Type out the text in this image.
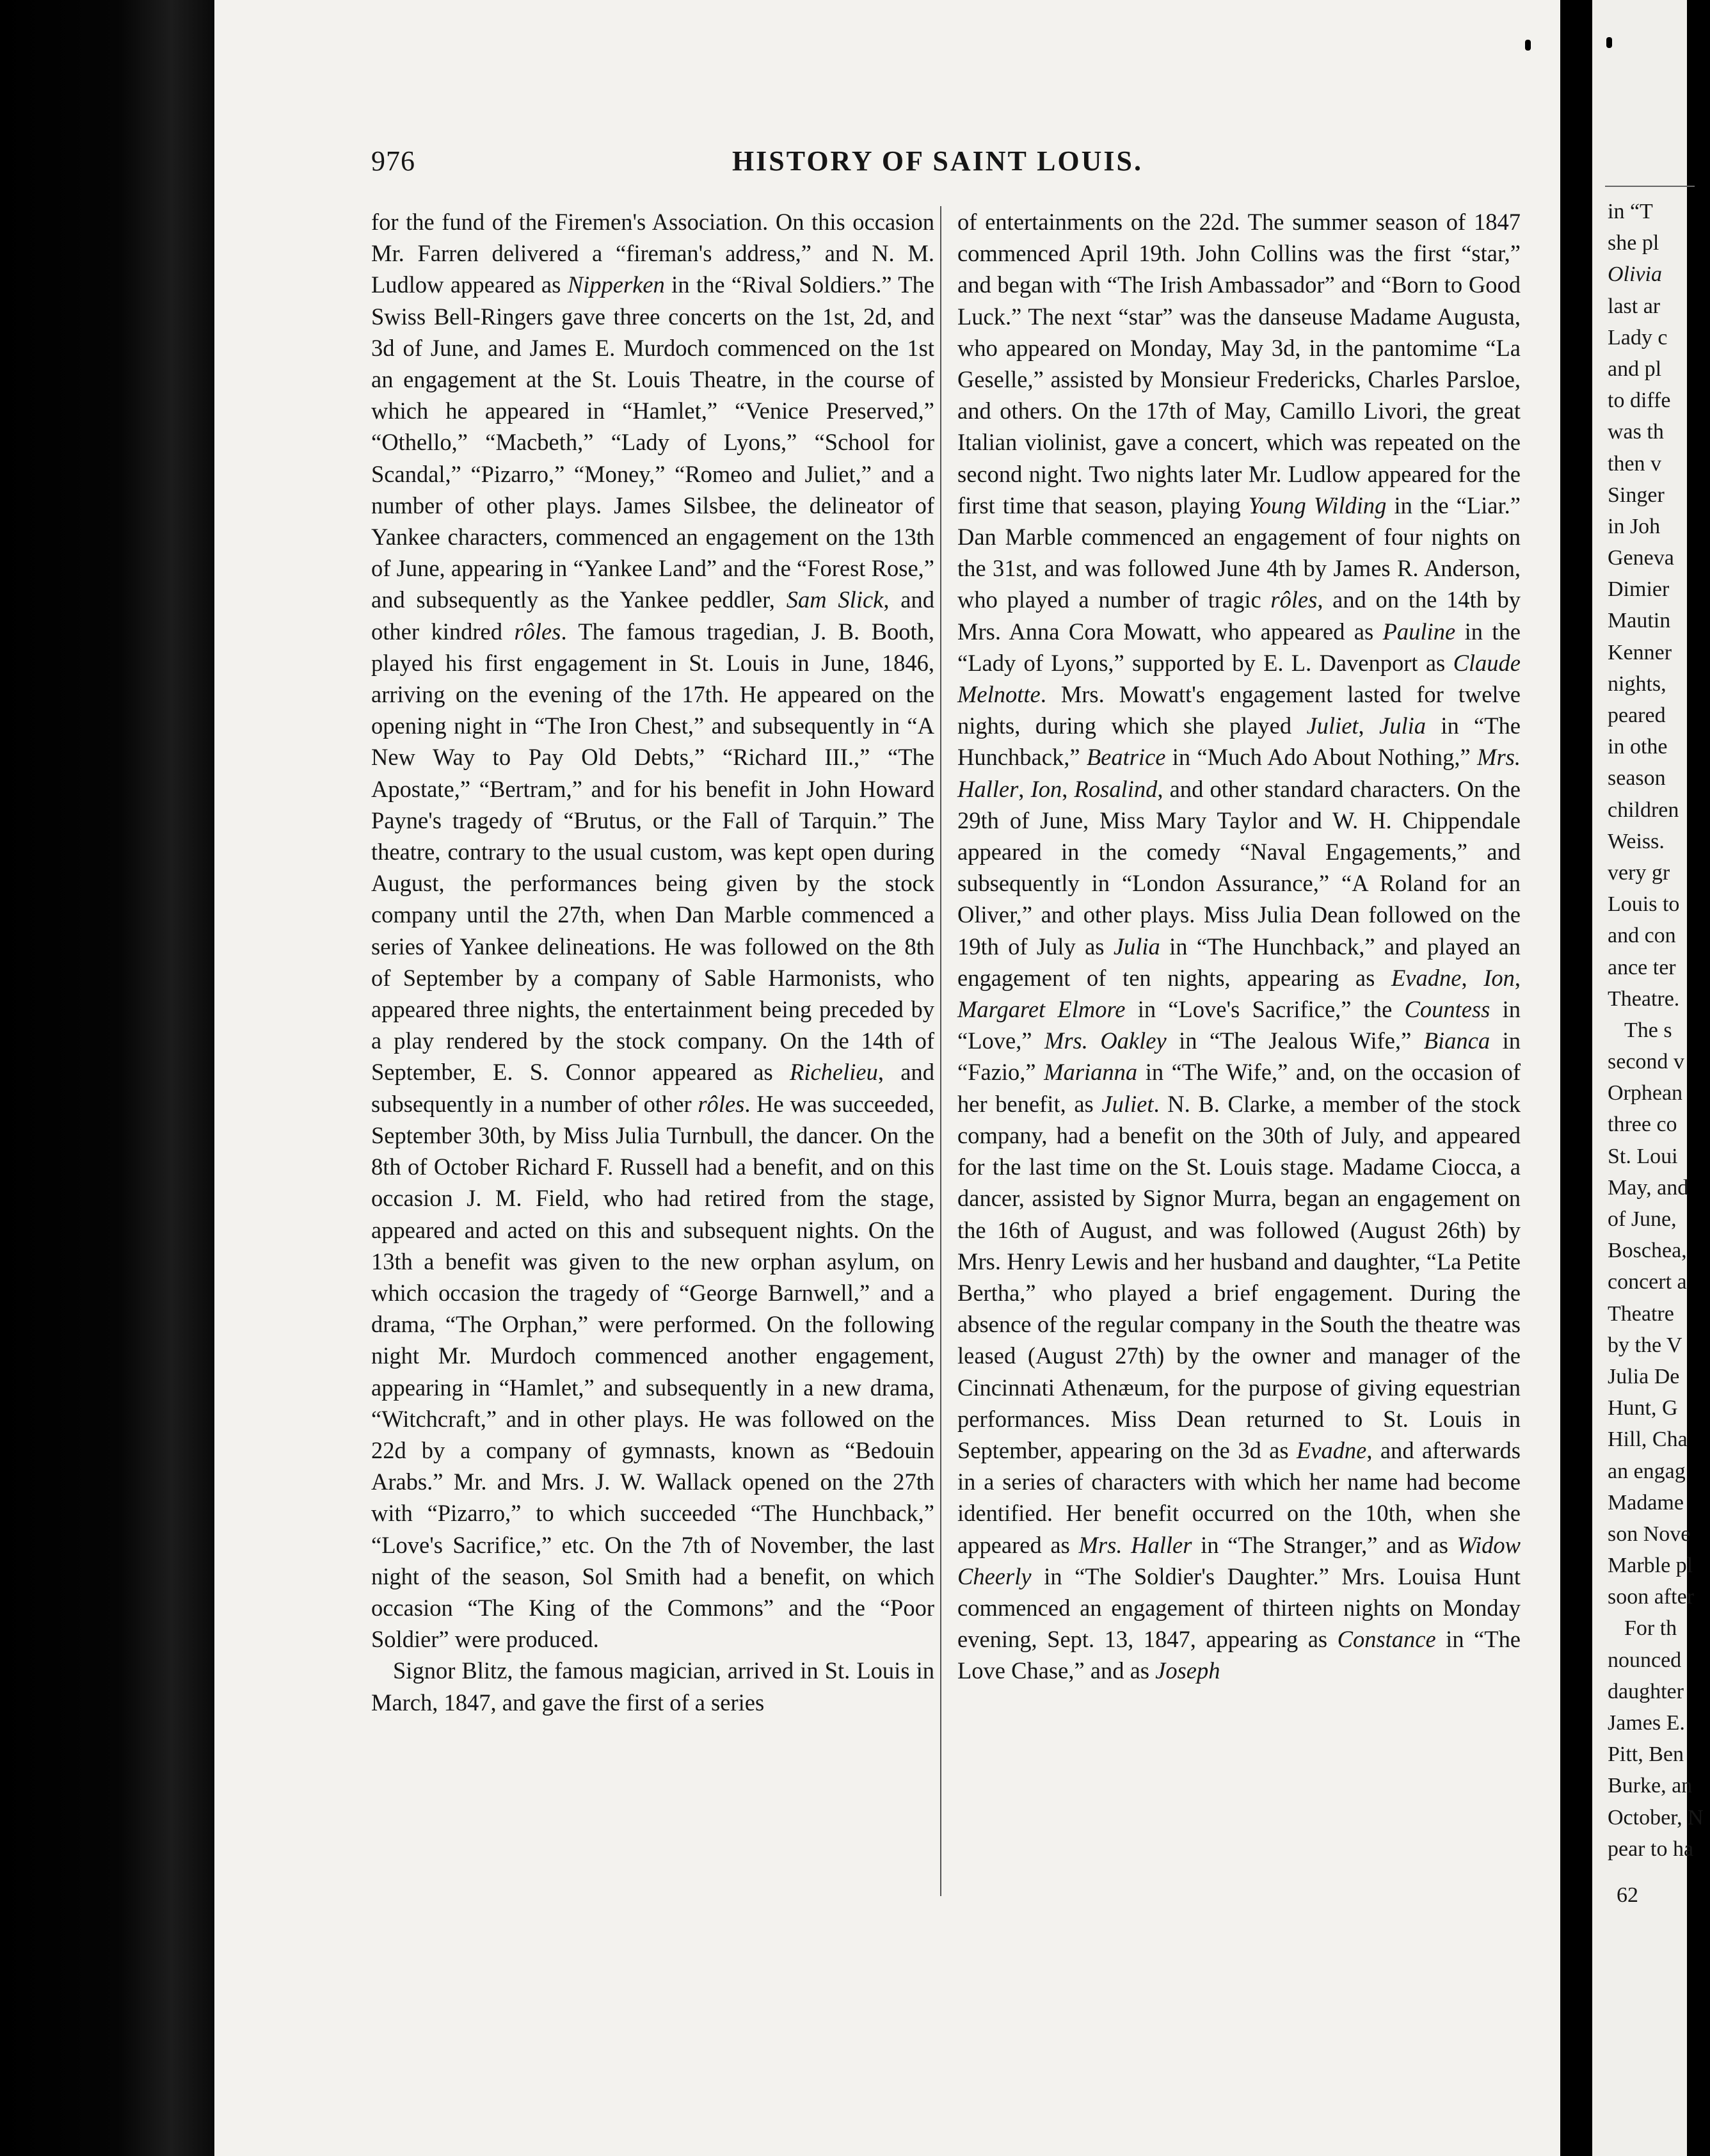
976	HISTORY OF SAINT LOUIS.

for the fund of the Firemen's Association. On this occasion Mr. Farren delivered a “fireman's address,” and N. M. Ludlow appeared as Nipperken in the “Rival Soldiers.” The Swiss Bell-Ringers gave three concerts on the 1st, 2d, and 3d of June, and James E. Murdoch commenced on the 1st an engagement at the St. Louis Theatre, in the course of which he appeared in “Hamlet,” “Venice Preserved,” “Othello,” “Macbeth,” “Lady of Lyons,” “School for Scandal,” “Pizarro,” “Money,” “Romeo and Juliet,” and a number of other plays. James Silsbee, the delineator of Yankee characters, commenced an engagement on the 13th of June, appearing in “Yankee Land” and the “Forest Rose,” and subsequently as the Yankee peddler, Sam Slick, and other kindred rôles. The famous tragedian, J. B. Booth, played his first engagement in St. Louis in June, 1846, arriving on the evening of the 17th. He appeared on the opening night in “The Iron Chest,” and subsequently in “A New Way to Pay Old Debts,” “Richard III.,” “The Apostate,” “Bertram,” and for his benefit in John Howard Payne's tragedy of “Brutus, or the Fall of Tarquin.” The theatre, contrary to the usual custom, was kept open during August, the performances being given by the stock company until the 27th, when Dan Marble commenced a series of Yankee delineations. He was followed on the 8th of September by a company of Sable Harmonists, who appeared three nights, the entertainment being preceded by a play rendered by the stock company. On the 14th of September, E. S. Connor appeared as Richelieu, and subsequently in a number of other rôles. He was succeeded, September 30th, by Miss Julia Turnbull, the dancer. On the 8th of October Richard F. Russell had a benefit, and on this occasion J. M. Field, who had retired from the stage, appeared and acted on this and subsequent nights. On the 13th a benefit was given to the new orphan asylum, on which occasion the tragedy of “George Barnwell,” and a drama, “The Orphan,” were performed. On the following night Mr. Murdoch commenced another engagement, appearing in “Hamlet,” and subsequently in a new drama, “Witchcraft,” and in other plays. He was followed on the 22d by a company of gymnasts, known as “Bedouin Arabs.” Mr. and Mrs. J. W. Wallack opened on the 27th with “Pizarro,” to which succeeded “The Hunchback,” “Love's Sacrifice,” etc. On the 7th of November, the last night of the season, Sol Smith had a benefit, on which occasion “The King of the Commons” and the “Poor Soldier” were produced.

Signor Blitz, the famous magician, arrived in St. Louis in March, 1847, and gave the first of a series

of entertainments on the 22d. The summer season of 1847 commenced April 19th. John Collins was the first “star,” and began with “The Irish Ambassador” and “Born to Good Luck.” The next “star” was the danseuse Madame Augusta, who appeared on Monday, May 3d, in the pantomime “La Geselle,” assisted by Monsieur Fredericks, Charles Parsloe, and others. On the 17th of May, Camillo Livori, the great Italian violinist, gave a concert, which was repeated on the second night. Two nights later Mr. Ludlow appeared for the first time that season, playing Young Wilding in the “Liar.” Dan Marble commenced an engagement of four nights on the 31st, and was followed June 4th by James R. Anderson, who played a number of tragic rôles, and on the 14th by Mrs. Anna Cora Mowatt, who appeared as Pauline in the “Lady of Lyons,” supported by E. L. Davenport as Claude Melnotte. Mrs. Mowatt's engagement lasted for twelve nights, during which she played Juliet, Julia in “The Hunchback,” Beatrice in “Much Ado About Nothing,” Mrs. Haller, Ion, Rosalind, and other standard characters. On the 29th of June, Miss Mary Taylor and W. H. Chippendale appeared in the comedy “Naval Engagements,” and subsequently in “London Assurance,” “A Roland for an Oliver,” and other plays. Miss Julia Dean followed on the 19th of July as Julia in “The Hunchback,” and played an engagement of ten nights, appearing as Evadne, Ion, Margaret Elmore in “Love's Sacrifice,” the Countess in “Love,” Mrs. Oakley in “The Jealous Wife,” Bianca in “Fazio,” Marianna in “The Wife,” and, on the occasion of her benefit, as Juliet. N. B. Clarke, a member of the stock company, had a benefit on the 30th of July, and appeared for the last time on the St. Louis stage. Madame Ciocca, a dancer, assisted by Signor Murra, began an engagement on the 16th of August, and was followed (August 26th) by Mrs. Henry Lewis and her husband and daughter, “La Petite Bertha,” who played a brief engagement. During the absence of the regular company in the South the theatre was leased (August 27th) by the owner and manager of the Cincinnati Athenæum, for the purpose of giving equestrian performances. Miss Dean returned to St. Louis in September, appearing on the 3d as Evadne, and afterwards in a series of characters with which her name had become identified. Her benefit occurred on the 10th, when she appeared as Mrs. Haller in “The Stranger,” and as Widow Cheerly in “The Soldier's Daughter.” Mrs. Louisa Hunt commenced an engagement of thirteen nights on Monday evening, Sept. 13, 1847, appearing as Constance in “The Love Chase,” and as Joseph

in “T
she pl
Olivia
last ar
Lady c
and pl
to diffe
was th
then v
Singer
in Joh
Geneva
Dimier
Mautin
Kenner
nights,
peared
in othe
season
children
Weiss.
very gr
Louis to
and con
ance ter
Theatre.
The s
second v
Orphean
three co
St. Loui
May, and
of June,
Boschea,
concert a
Theatre
by the V
Julia De
Hunt, G
Hill, Cha
an engag
Madame
son Nove
Marble pl
soon after
For th
nounced
daughter
James E.
Pitt, Ben
Burke, an
October, N
pear to ha
62
